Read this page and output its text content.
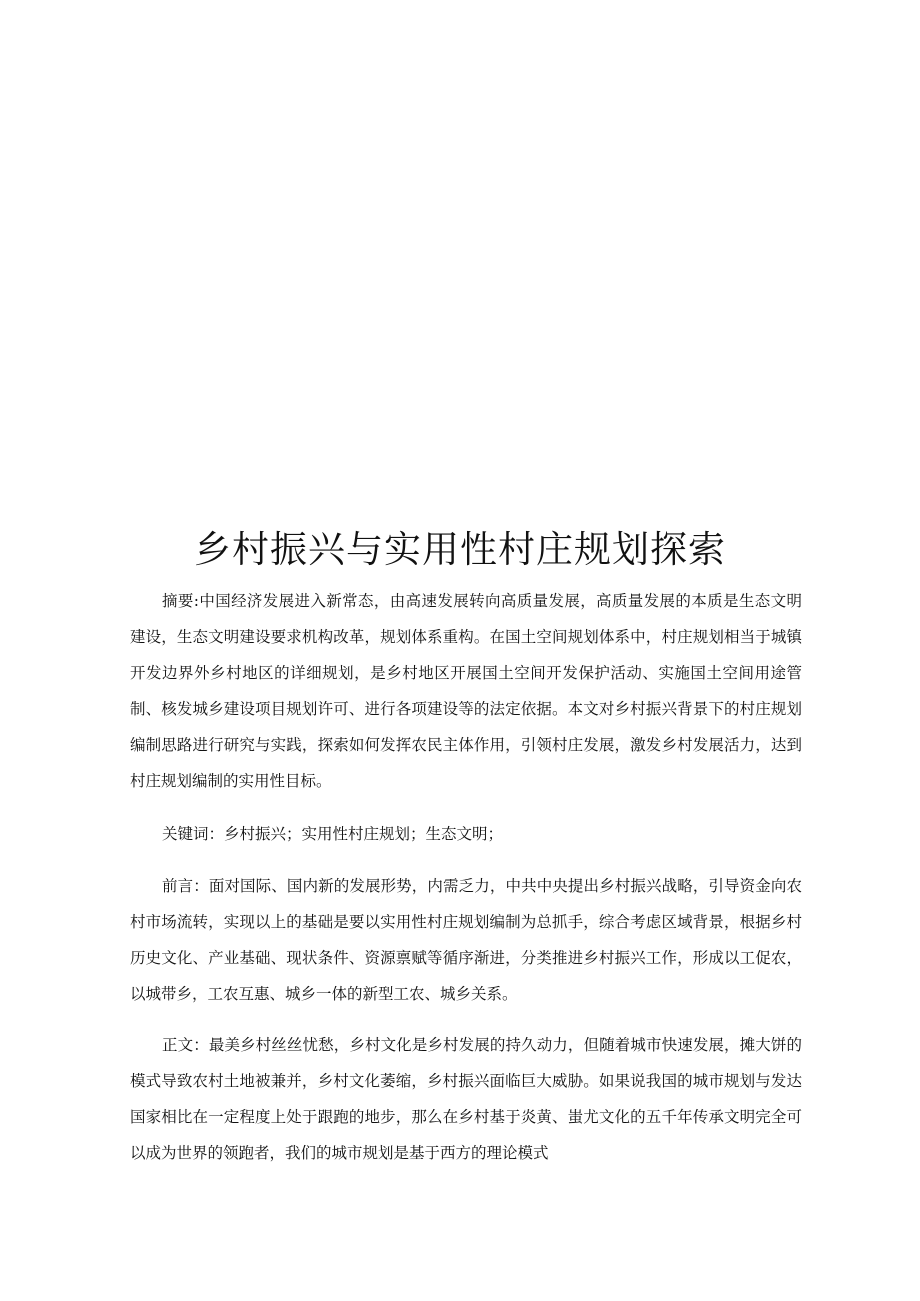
乡村振兴与实用性村庄规划探索

摘要:中国经济发展进入新常态，由高速发展转向高质量发展，高质量发展的本质是生态文明建设，生态文明建设要求机构改革，规划体系重构。在国土空间规划体系中，村庄规划相当于城镇开发边界外乡村地区的详细规划，是乡村地区开展国土空间开发保护活动、实施国土空间用途管制、核发城乡建设项目规划许可、进行各项建设等的法定依据。本文对乡村振兴背景下的村庄规划编制思路进行研究与实践，探索如何发挥农民主体作用，引领村庄发展，激发乡村发展活力，达到村庄规划编制的实用性目标。

关键词：乡村振兴；实用性村庄规划；生态文明；

前言：面对国际、国内新的发展形势，内需乏力，中共中央提出乡村振兴战略，引导资金向农村市场流转，实现以上的基础是要以实用性村庄规划编制为总抓手，综合考虑区域背景，根据乡村历史文化、产业基础、现状条件、资源禀赋等循序渐进，分类推进乡村振兴工作，形成以工促农，以城带乡，工农互惠、城乡一体的新型工农、城乡关系。

正文：最美乡村丝丝忧愁，乡村文化是乡村发展的持久动力，但随着城市快速发展，摊大饼的模式导致农村土地被兼并，乡村文化萎缩，乡村振兴面临巨大威胁。如果说我国的城市规划与发达国家相比在一定程度上处于跟跑的地步，那么在乡村基于炎黄、蚩尤文化的五千年传承文明完全可以成为世界的领跑者，我们的城市规划是基于西方的理论模式
